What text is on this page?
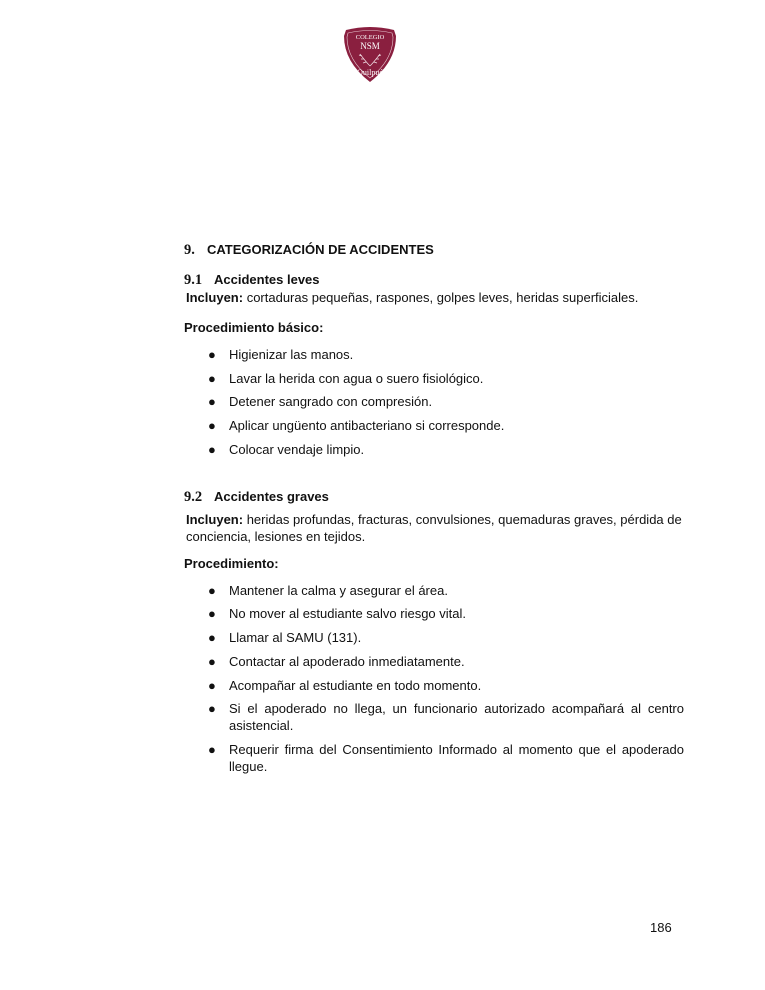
COLEGIO
NSM
Quilpué
9. CATEGORIZACIÓN DE ACCIDENTES
9.1 Accidentes leves

Incluyen: cortaduras pequeñas, raspones, golpes leves, heridas superficiales.

Procedimiento básico:

● Higienizar las manos.
● Lavar la herida con agua o suero fisiológico.
● Detener sangrado con compresión.
● Aplicar ungüento antibacteriano si corresponde.
● Colocar vendaje limpio.
9.2 Accidentes graves

Incluyen: heridas profundas, fracturas, convulsiones, quemaduras graves, pérdida de conciencia, lesiones en tejidos.

Procedimiento:

● Mantener la calma y asegurar el área.
● No mover al estudiante salvo riesgo vital.
● Llamar al SAMU (131).
● Contactar al apoderado inmediatamente.
● Acompañar al estudiante en todo momento.
● Si el apoderado no llega, un funcionario autorizado acompañará al centro asistencial.
● Requerir firma del Consentimiento Informado al momento que el apoderado llegue.
186
